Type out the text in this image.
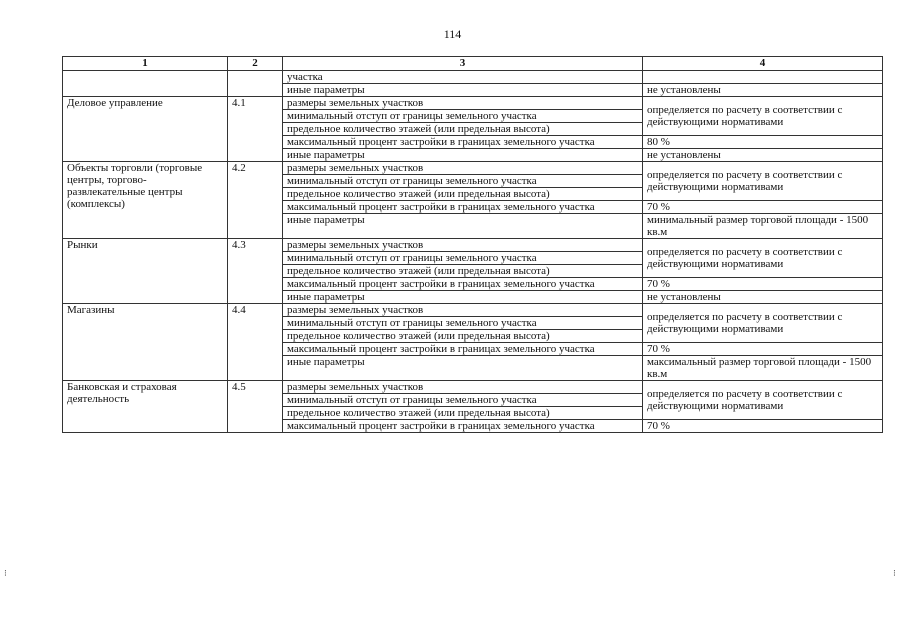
114
1	2	3	4
		участка	
		иные параметры	не установлены
Деловое управление	4.1	размеры земельных участков	определяется по расчету в соответствии с действующими нормативами
		минимальный отступ от границы земельного участка	
		предельное количество этажей (или предельная высота)	
		максимальный процент застройки в границах земельного участка	80 %
		иные параметры	не установлены
Объекты торговли (торговые центры, торгово-развлекательные центры (комплексы)	4.2	размеры земельных участков	определяется по расчету в соответствии с действующими нормативами
		минимальный отступ от границы земельного участка	
		предельное количество этажей (или предельная высота)	
		максимальный процент застройки в границах земельного участка	70 %
		иные параметры	минимальный размер торговой площади - 1500 кв.м
Рынки	4.3	размеры земельных участков	определяется по расчету в соответствии с действующими нормативами
		минимальный отступ от границы земельного участка	
		предельное количество этажей (или предельная высота)	
		максимальный процент застройки в границах земельного участка	70 %
		иные параметры	не установлены
Магазины	4.4	размеры земельных участков	определяется по расчету в соответствии с действующими нормативами
		минимальный отступ от границы земельного участка	
		предельное количество этажей (или предельная высота)	
		максимальный процент застройки в границах земельного участка	70 %
		иные параметры	максимальный размер торговой площади - 1500 кв.м
Банковская и страховая деятельность	4.5	размеры земельных участков	определяется по расчету в соответствии с действующими нормативами
		минимальный отступ от границы земельного участка	
		предельное количество этажей (или предельная высота)	
		максимальный процент застройки в границах земельного участка	70 %
⁝	⁝
